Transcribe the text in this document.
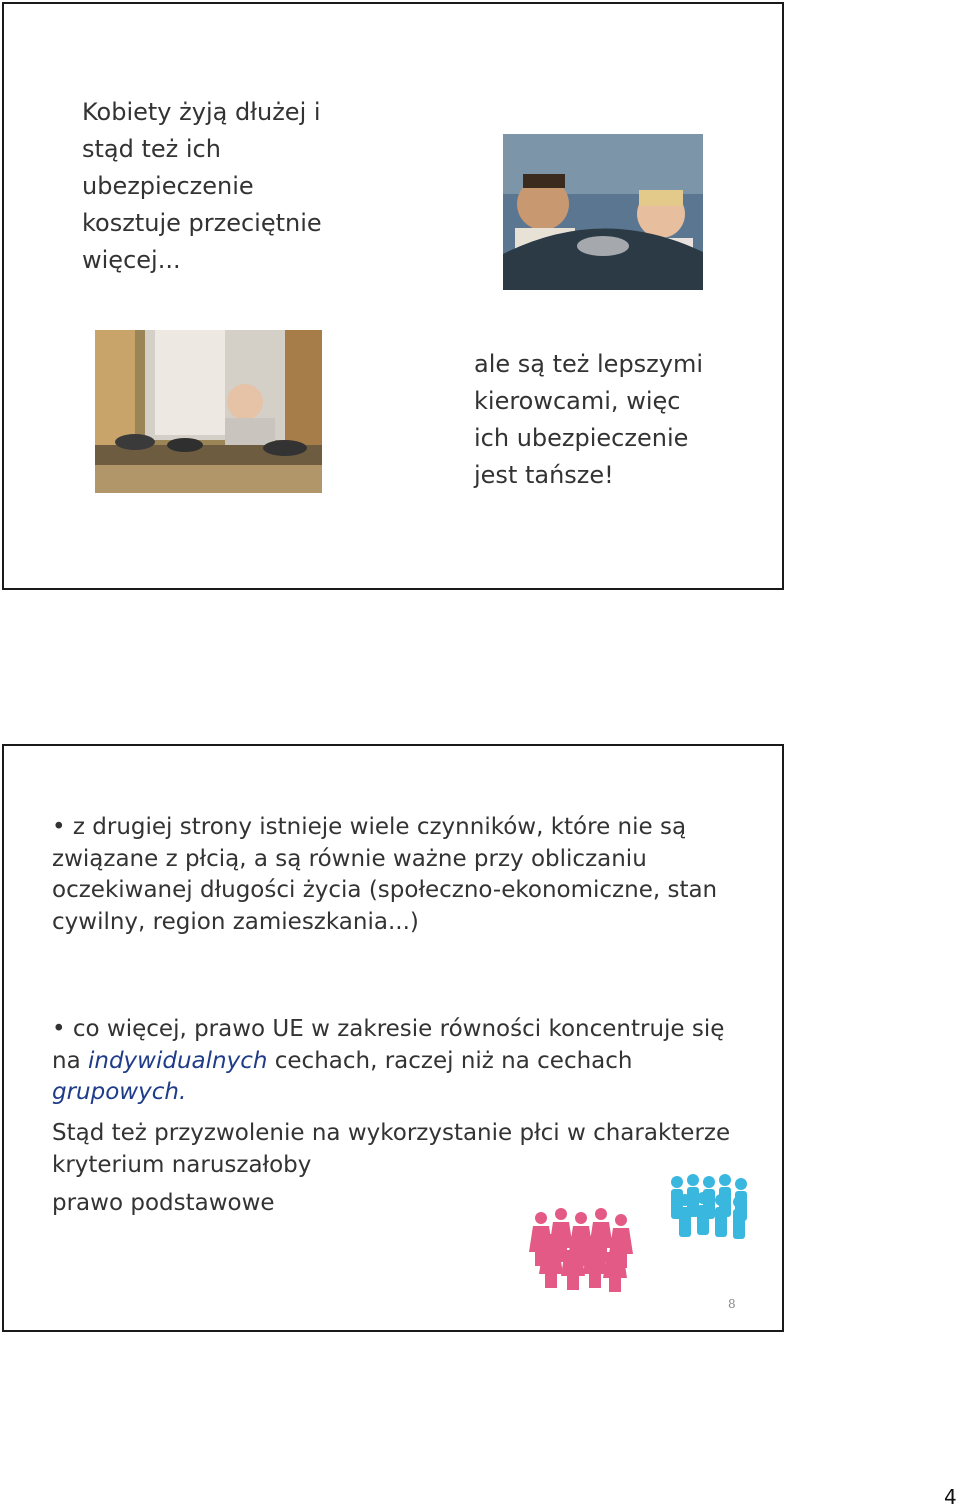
Kobiety żyją dłużej i
stąd też ich
ubezpieczenie
kosztuje przeciętnie
więcej...

ale są też lepszymi
kierowcami, więc
ich ubezpieczenie
jest tańsze!

• z drugiej strony istnieje wiele czynników, które nie są związane z płcią, a są równie ważne przy obliczaniu oczekiwanej długości życia (społeczno-ekonomiczne, stan cywilny, region zamieszkania...)
• co więcej, prawo UE w zakresie równości koncentruje się na indywidualnych cechach, raczej niż na cechach grupowych.
Stąd też przyzwolenie na wykorzystanie płci w charakterze kryterium naruszałoby
prawo podstawowe
8
4
